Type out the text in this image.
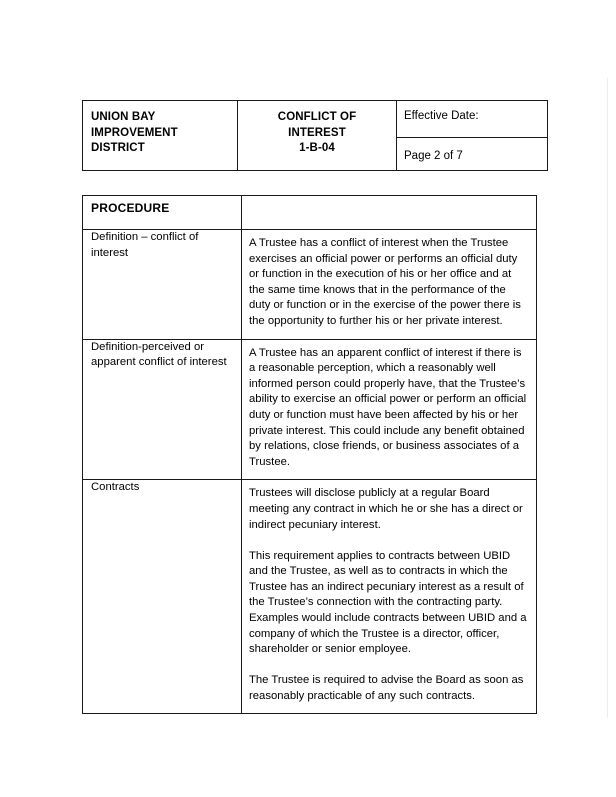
UNION BAY
IMPROVEMENT
DISTRICT

CONFLICT OF
INTEREST
1-B-04

Effective Date:
Page 2 of 7
PROCEDURE	

Definition – conflict of interest	A Trustee has a conflict of interest when the Trustee exercises an official power or performs an official duty or function in the execution of his or her office and at the same time knows that in the performance of the duty or function or in the exercise of the power there is the opportunity to further his or her private interest.

Definition-perceived or apparent conflict of interest	A Trustee has an apparent conflict of interest if there is a reasonable perception, which a reasonably well informed person could properly have, that the Trustee’s ability to exercise an official power or perform an official duty or function must have been affected by his or her private interest. This could include any benefit obtained by relations, close friends, or business associates of a Trustee.

Contracts	Trustees will disclose publicly at a regular Board meeting any contract in which he or she has a direct or indirect pecuniary interest.

This requirement applies to contracts between UBID and the Trustee, as well as to contracts in which the Trustee has an indirect pecuniary interest as a result of the Trustee’s connection with the contracting party. Examples would include contracts between UBID and a company of which the Trustee is a director, officer, shareholder or senior employee.

The Trustee is required to advise the Board as soon as reasonably practicable of any such contracts.
